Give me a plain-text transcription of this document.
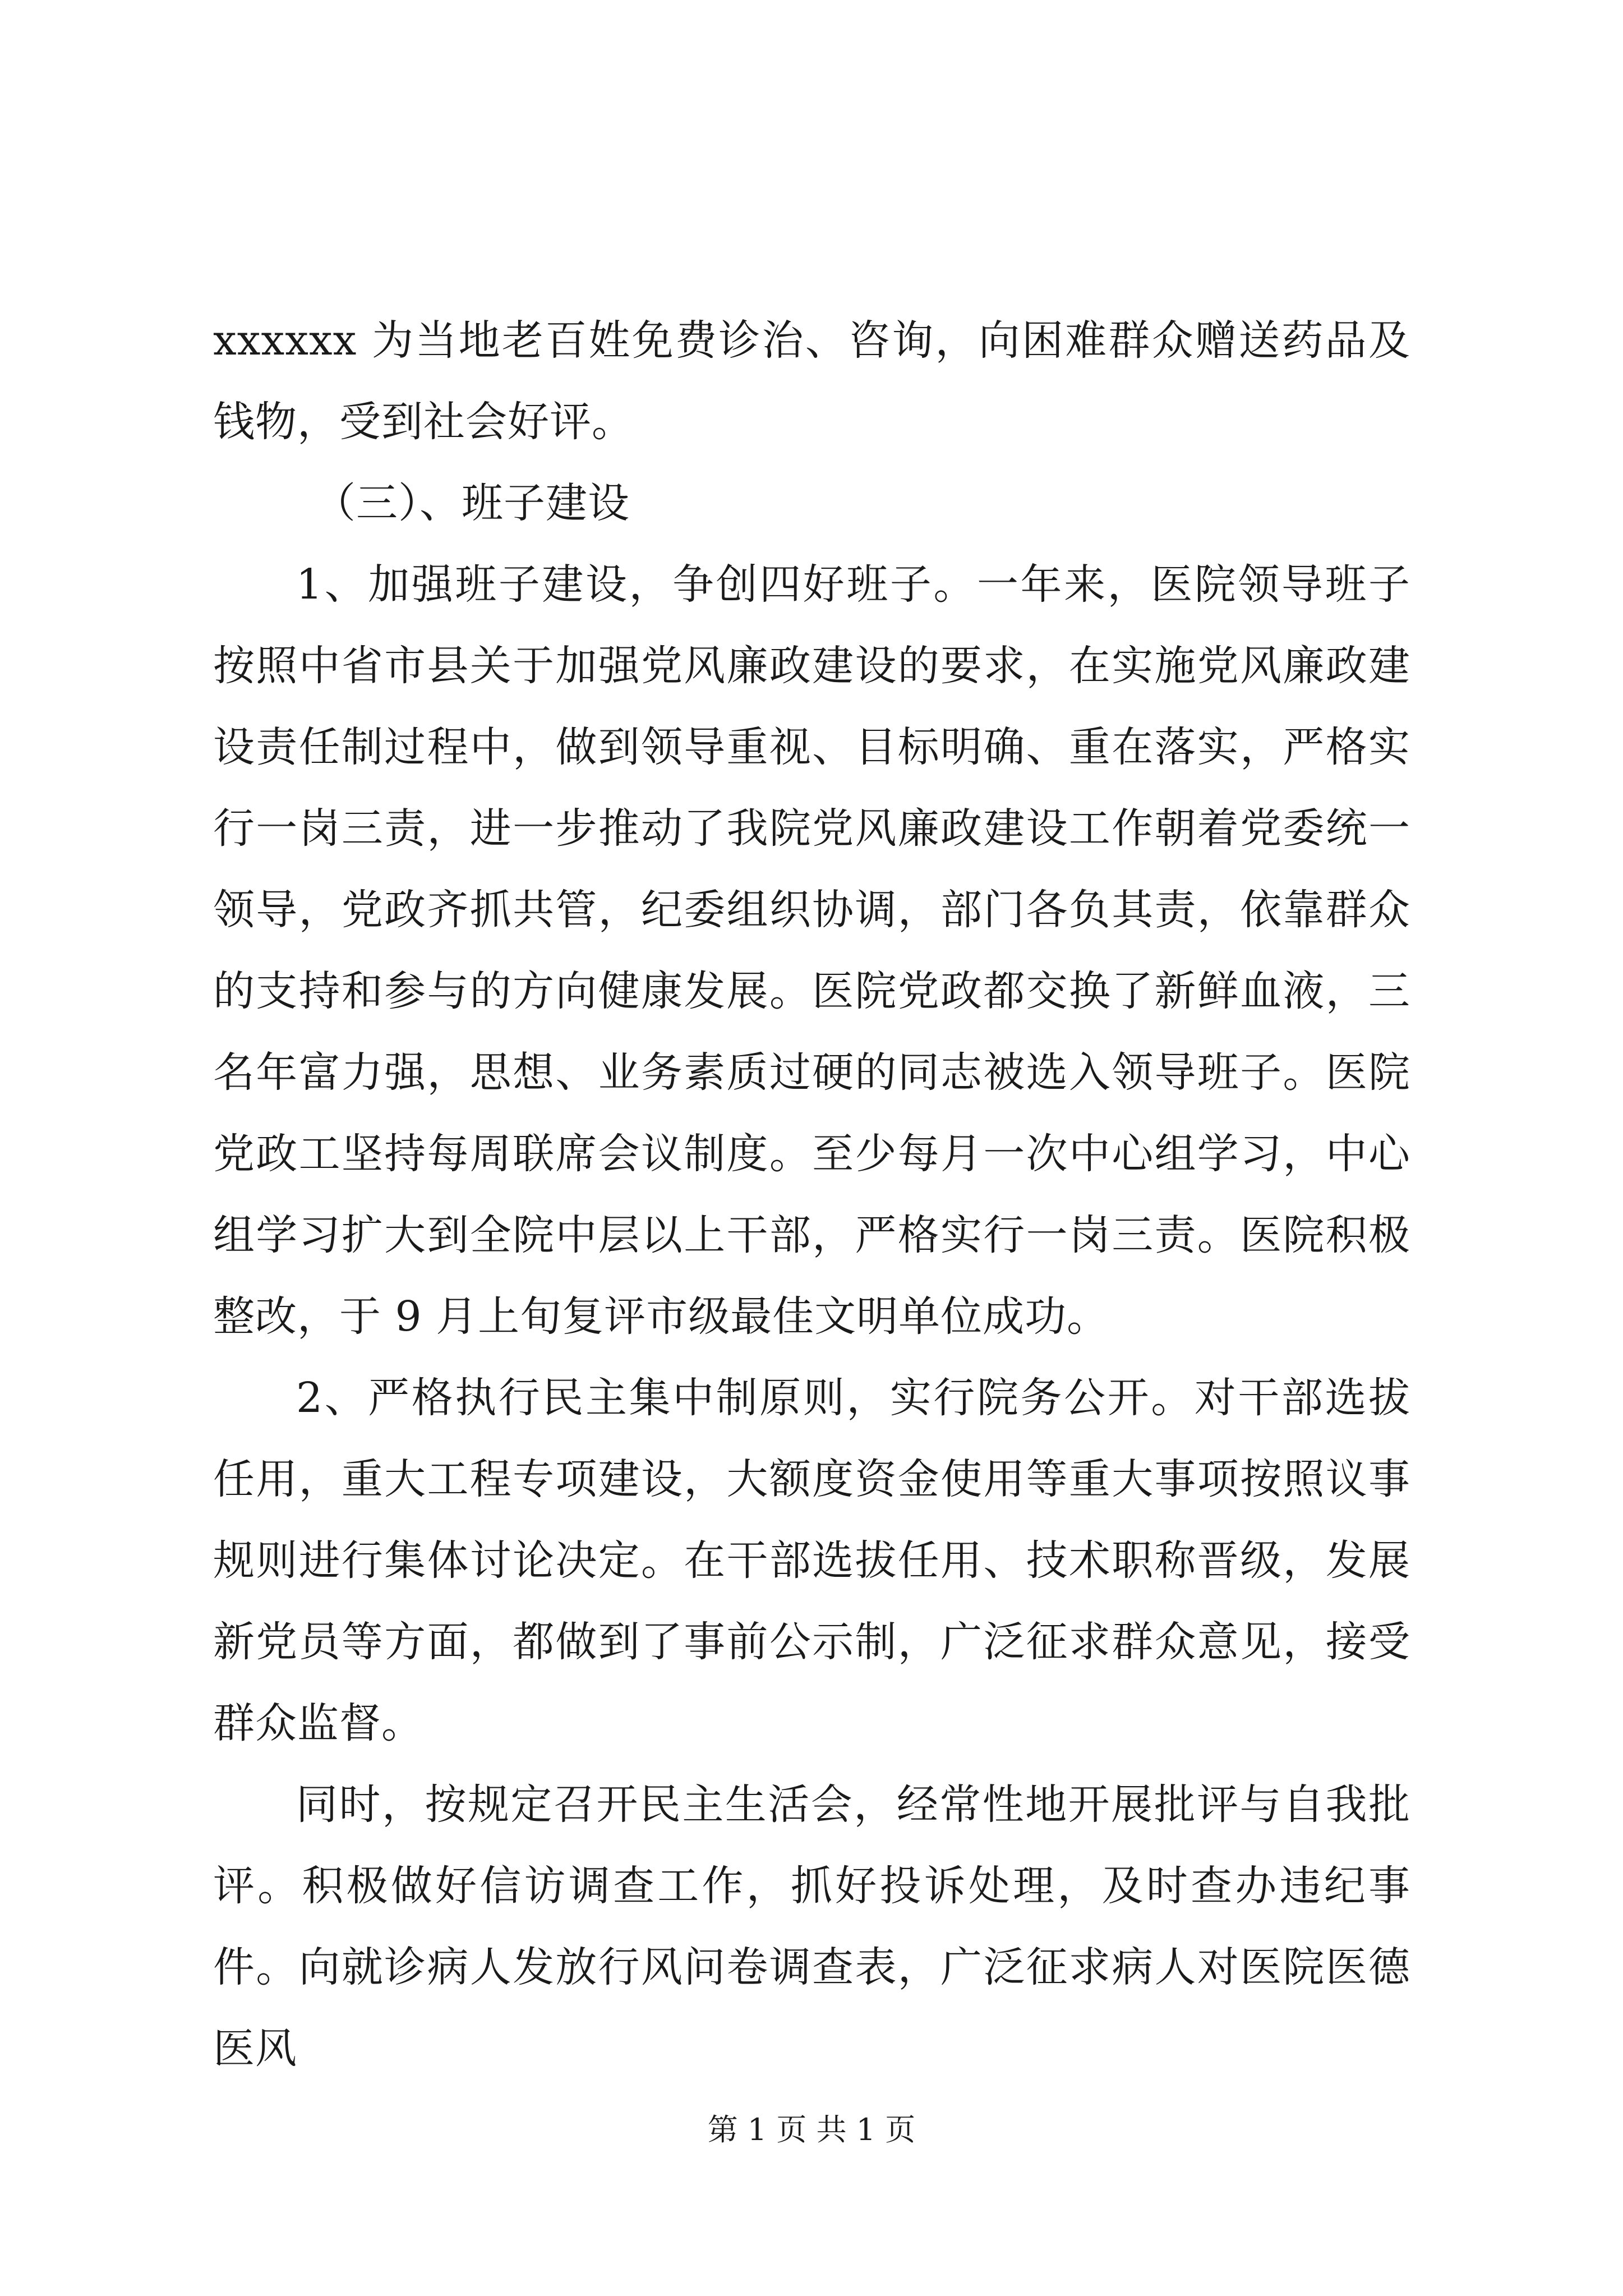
xxxxxx 为当地老百姓免费诊治、咨询，向困难群众赠送药品及钱物，受到社会好评。

（三）、班子建设

1、加强班子建设，争创四好班子。一年来，医院领导班子按照中省市县关于加强党风廉政建设的要求，在实施党风廉政建设责任制过程中，做到领导重视、目标明确、重在落实，严格实行一岗三责，进一步推动了我院党风廉政建设工作朝着党委统一领导，党政齐抓共管，纪委组织协调，部门各负其责，依靠群众的支持和参与的方向健康发展。医院党政都交换了新鲜血液，三名年富力强，思想、业务素质过硬的同志被选入领导班子。医院党政工坚持每周联席会议制度。至少每月一次中心组学习，中心组学习扩大到全院中层以上干部，严格实行一岗三责。医院积极整改，于 9 月上旬复评市级最佳文明单位成功。

2、严格执行民主集中制原则，实行院务公开。对干部选拔任用，重大工程专项建设，大额度资金使用等重大事项按照议事规则进行集体讨论决定。在干部选拔任用、技术职称晋级，发展新党员等方面，都做到了事前公示制，广泛征求群众意见，接受群众监督。

同时，按规定召开民主生活会，经常性地开展批评与自我批评。积极做好信访调查工作，抓好投诉处理，及时查办违纪事件。向就诊病人发放行风问卷调查表，广泛征求病人对医院医德医风

第 1 页 共 1 页
